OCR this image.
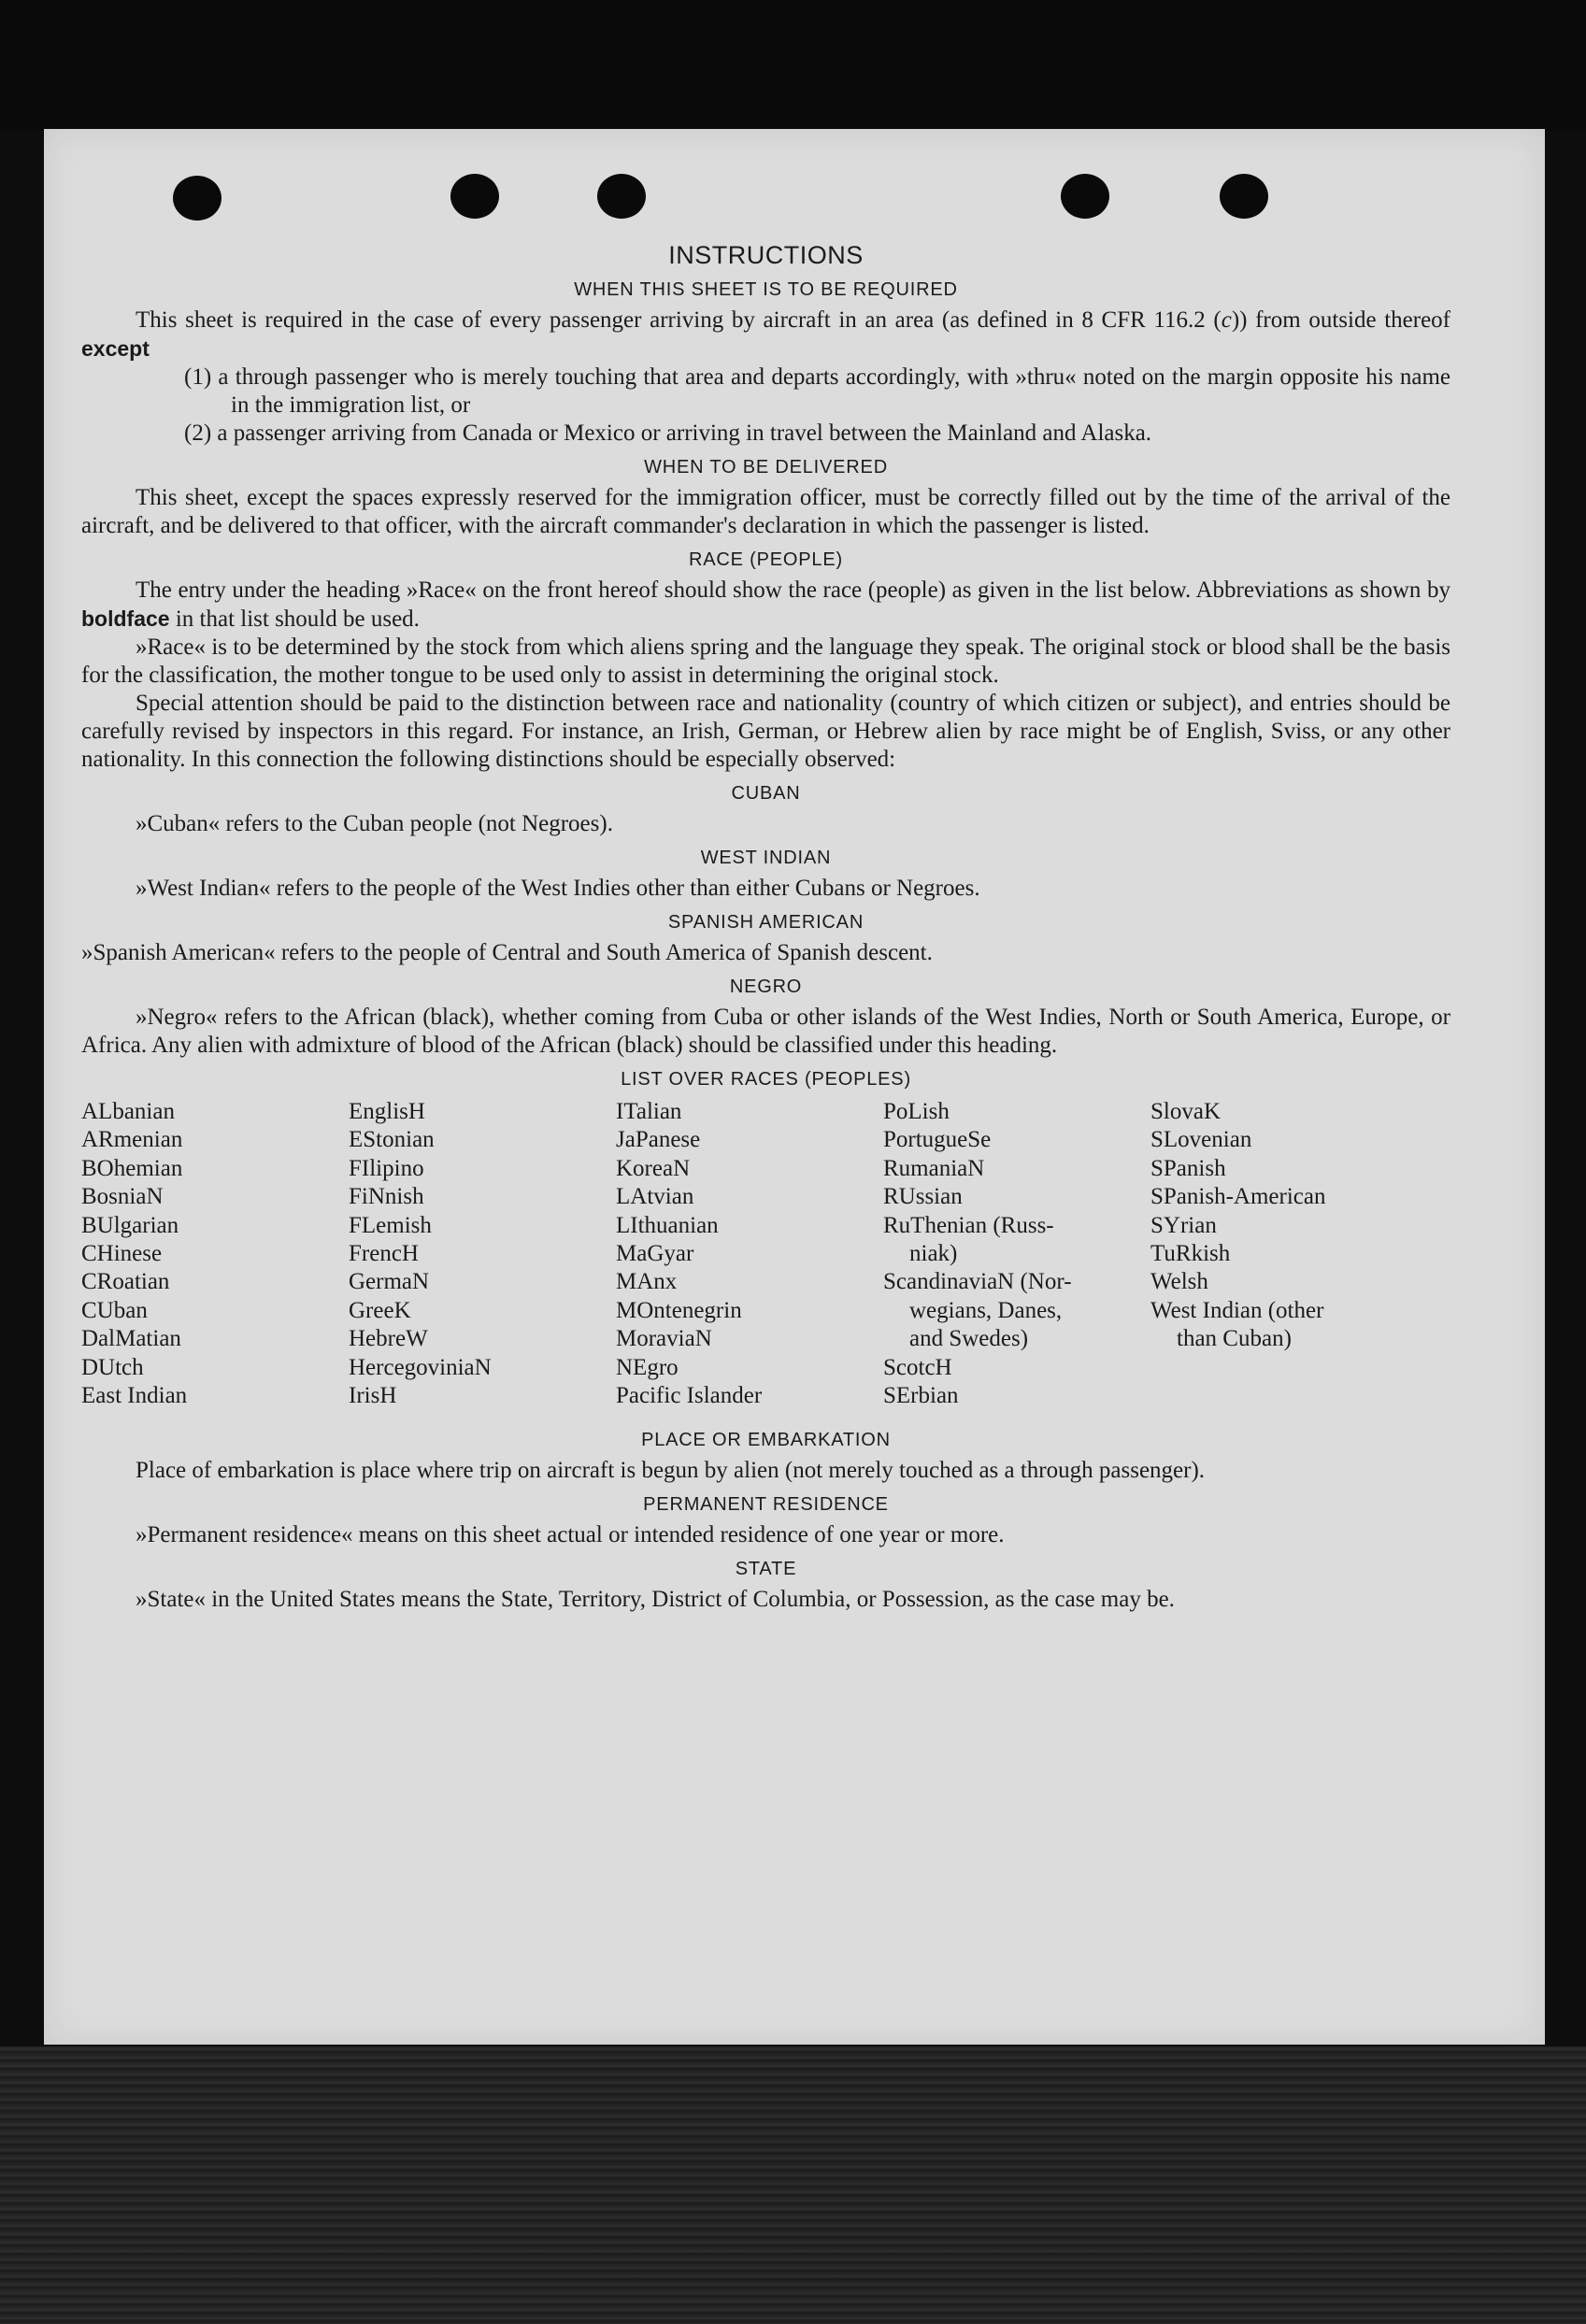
INSTRUCTIONS
WHEN THIS SHEET IS TO BE REQUIRED

This sheet is required in the case of every passenger arriving by aircraft in an area (as defined in 8 CFR 116.2 (c)) from outside thereof except

(1) a through passenger who is merely touching that area and departs accordingly, with »thru« noted on the margin opposite his name in the immigration list, or

(2) a passenger arriving from Canada or Mexico or arriving in travel between the Mainland and Alaska.

WHEN TO BE DELIVERED

This sheet, except the spaces expressly reserved for the immigration officer, must be correctly filled out by the time of the arrival of the aircraft, and be delivered to that officer, with the aircraft commander's declaration in which the passenger is listed.

RACE (PEOPLE)

The entry under the heading »Race« on the front hereof should show the race (people) as given in the list below. Abbreviations as shown by boldface in that list should be used.

»Race« is to be determined by the stock from which aliens spring and the language they speak. The original stock or blood shall be the basis for the classification, the mother tongue to be used only to assist in determining the original stock.

Special attention should be paid to the distinction between race and nationality (country of which citizen or subject), and entries should be carefully revised by inspectors in this regard. For instance, an Irish, German, or Hebrew alien by race might be of English, Sviss, or any other nationality. In this connection the following distinctions should be especially observed:

CUBAN

»Cuban« refers to the Cuban people (not Negroes).

WEST INDIAN

»West Indian« refers to the people of the West Indies other than either Cubans or Negroes.

SPANISH AMERICAN

»Spanish American« refers to the people of Central and South America of Spanish descent.

NEGRO

»Negro« refers to the African (black), whether coming from Cuba or other islands of the West Indies, North or South America, Europe, or Africa. Any alien with admixture of blood of the African (black) should be classified under this heading.

LIST OVER RACES (PEOPLES)
ALbanian
ARmenian
BOhemian
BosniaN
BUlgarian
CHinese
CRoatian
CUban
DalMatian
DUtch
East Indian
EnglisH
EStonian
FIlipino
FiNnish
FLemish
FrencH
GermaN
GreeK
HebreW
HercegoviniaN
IrisH
ITalian
JaPanese
KoreaN
LAtvian
LIthuanian
MaGyar
MAnx
MOntenegrin
MoraviaN
NEgro
Pacific Islander
PoLish
PortugueSe
RumaniaN
RUssian
RuThenian (Russ-
niak)
ScandinaviaN (Nor-
wegians, Danes,
and Swedes)
ScotcH
SErbian
SlovaK
SLovenian
SPanish
SPanish-American
SYrian
TuRkish
Welsh
West Indian (other
than Cuban)
PLACE OR EMBARKATION

Place of embarkation is place where trip on aircraft is begun by alien (not merely touched as a through passenger).

PERMANENT RESIDENCE

»Permanent residence« means on this sheet actual or intended residence of one year or more.

STATE

»State« in the United States means the State, Territory, District of Columbia, or Possession, as the case may be.
